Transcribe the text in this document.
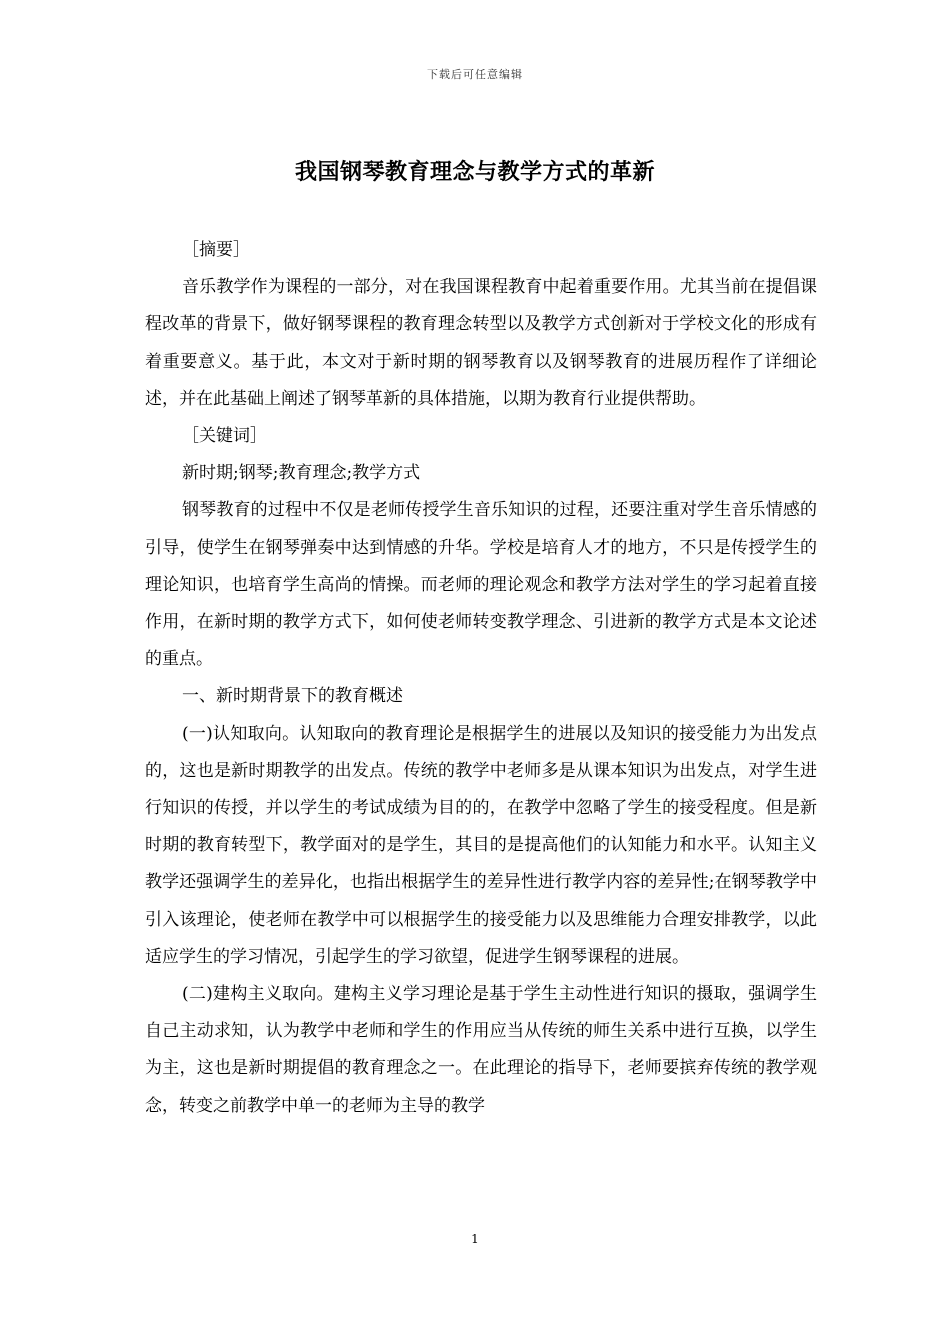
下载后可任意编辑
我国钢琴教育理念与教学方式的革新

［摘要］

音乐教学作为课程的一部分，对在我国课程教育中起着重要作用。尤其当前在提倡课程改革的背景下，做好钢琴课程的教育理念转型以及教学方式创新对于学校文化的形成有着重要意义。基于此，本文对于新时期的钢琴教育以及钢琴教育的进展历程作了详细论述，并在此基础上阐述了钢琴革新的具体措施，以期为教育行业提供帮助。

［关键词］

新时期;钢琴;教育理念;教学方式

钢琴教育的过程中不仅是老师传授学生音乐知识的过程，还要注重对学生音乐情感的引导，使学生在钢琴弹奏中达到情感的升华。学校是培育人才的地方，不只是传授学生的理论知识，也培育学生高尚的情操。而老师的理论观念和教学方法对学生的学习起着直接作用，在新时期的教学方式下，如何使老师转变教学理念、引进新的教学方式是本文论述的重点。

一、新时期背景下的教育概述

(一)认知取向。认知取向的教育理论是根据学生的进展以及知识的接受能力为出发点的，这也是新时期教学的出发点。传统的教学中老师多是从课本知识为出发点，对学生进行知识的传授，并以学生的考试成绩为目的的，在教学中忽略了学生的接受程度。但是新时期的教育转型下，教学面对的是学生，其目的是提高他们的认知能力和水平。认知主义教学还强调学生的差异化，也指出根据学生的差异性进行教学内容的差异性;在钢琴教学中引入该理论，使老师在教学中可以根据学生的接受能力以及思维能力合理安排教学，以此适应学生的学习情况，引起学生的学习欲望，促进学生钢琴课程的进展。

(二)建构主义取向。建构主义学习理论是基于学生主动性进行知识的摄取，强调学生自己主动求知，认为教学中老师和学生的作用应当从传统的师生关系中进行互换，以学生为主，这也是新时期提倡的教育理念之一。在此理论的指导下，老师要摈弃传统的教学观念，转变之前教学中单一的老师为主导的教学

1
